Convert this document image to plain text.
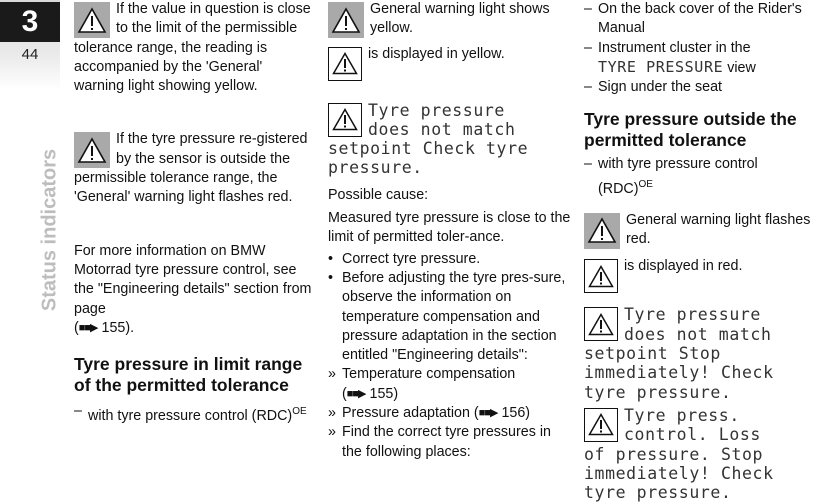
3
44
Status indicators

If the value in question is close to the limit of the permissible tolerance range, the reading is accompanied by the 'General' warning light showing yellow.

If the tyre pressure re-gistered by the sensor is outside the permissible tolerance range, the 'General' warning light flashes red.

For more information on BMW Motorrad tyre pressure control, see the "Engineering details" section from page
(■■▶ 155).

Tyre pressure in limit range of the permitted tolerance

– with tyre pressure control (RDC)$^{OE}$

General warning light shows yellow.

is displayed in yellow.

Tyre pressure

does not match

setpoint Check tyre

pressure.

Possible cause:

Measured tyre pressure is close to the limit of permitted toler-ance.

• Correct tyre pressure.
• Before adjusting the tyre pres-sure, observe the information on temperature compensation and pressure adaptation in the section entitled "Engineering details":
» Temperature compensation
(■■▶ 155)
» Pressure adaptation (■■▶ 156)
» Find the correct tyre pressures in the following places:
– On the back cover of the Rider's Manual
– Instrument cluster in the
TYRE PRESSURE view
– Sign under the seat

Tyre pressure outside the permitted tolerance

– with tyre pressure control (RDC)$^{OE}$

General warning light flashes red.

is displayed in red.

Tyre pressure

does not match

setpoint Stop

immediately! Check

tyre pressure.

Tyre press.

control. Loss

of pressure. Stop

immediately! Check

tyre pressure.
